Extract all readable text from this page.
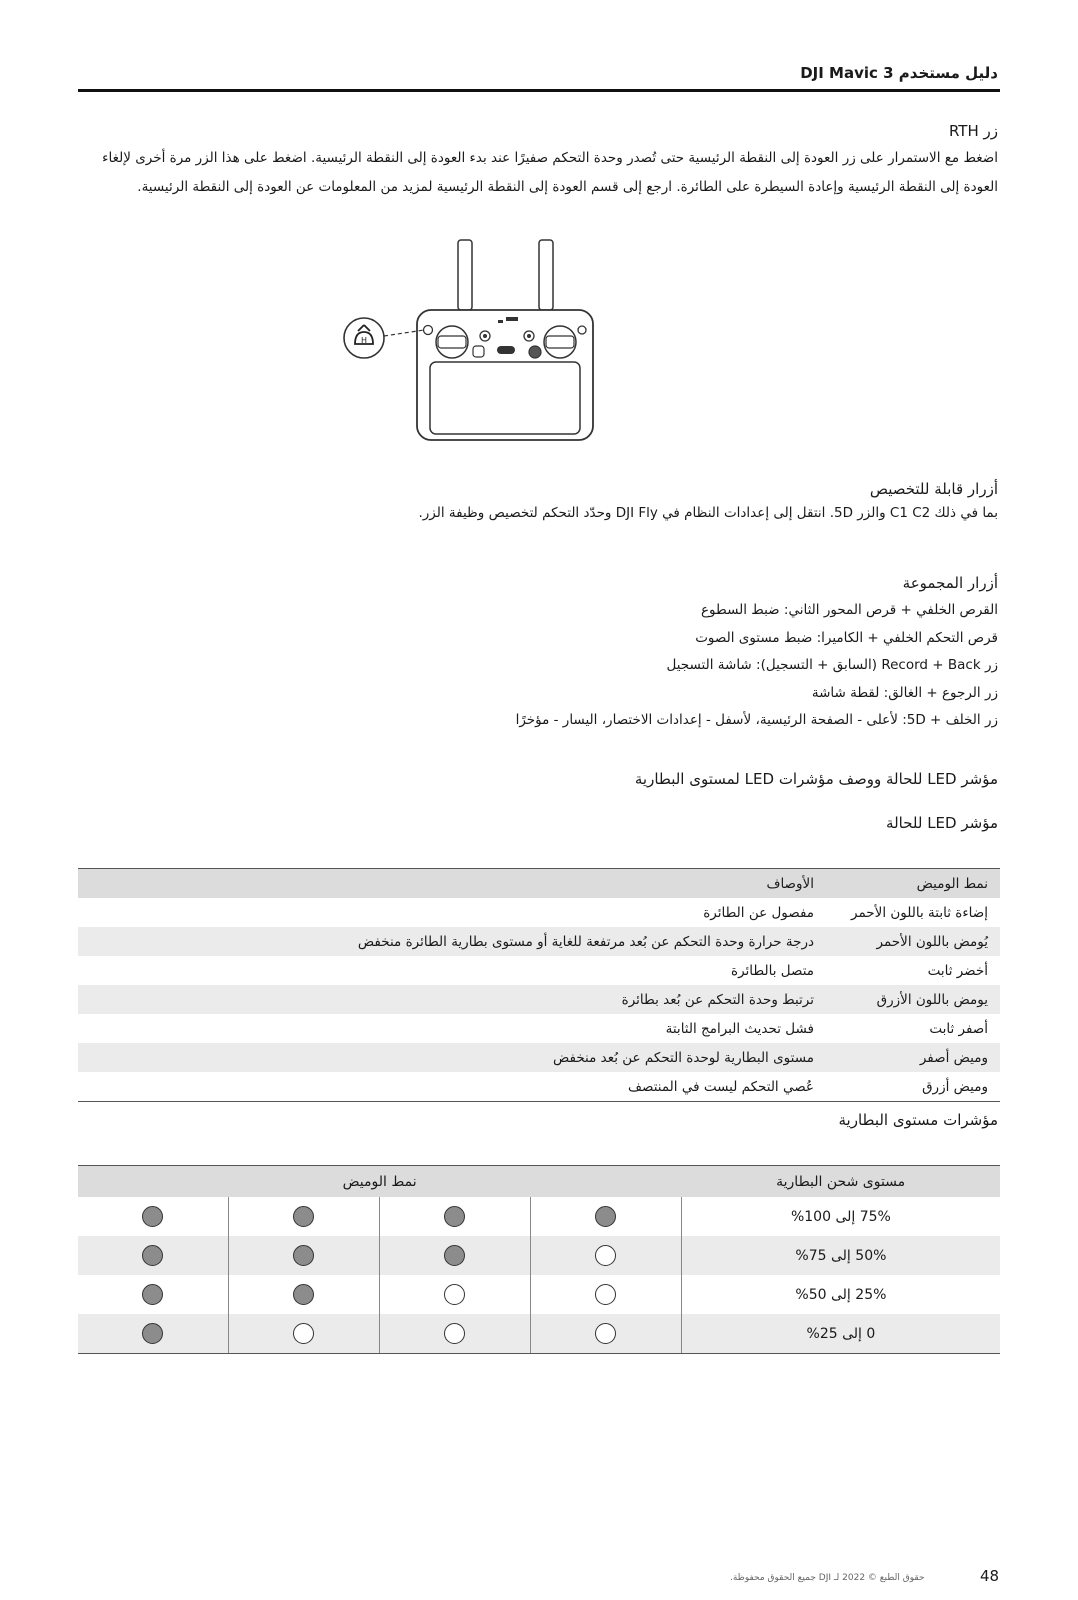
دليل مستخدم DJI Mavic 3
زر RTH
اضغط مع الاستمرار على زر العودة إلى النقطة الرئيسية حتى تُصدر وحدة التحكم صفيرًا عند بدء العودة إلى النقطة الرئيسية. اضغط على هذا الزر مرة أخرى لإلغاء العودة إلى النقطة الرئيسية وإعادة السيطرة على الطائرة. ارجع إلى قسم العودة إلى النقطة الرئيسية لمزيد من المعلومات عن العودة إلى النقطة الرئيسية.
H
أزرار قابلة للتخصيص
بما في ذلك C1 C2 والزر 5D. انتقل إلى إعدادات النظام في DJI Fly وحدّد التحكم لتخصيص وظيفة الزر.
أزرار المجموعة
القرص الخلفي + قرص المحور الثاني: ضبط السطوع
قرص التحكم الخلفي + الكاميرا: ضبط مستوى الصوت
زر Record + Back (السابق + التسجيل): شاشة التسجيل
زر الرجوع + الغالق: لقطة شاشة
زر الخلف + 5D: لأعلى - الصفحة الرئيسية، لأسفل - إعدادات الاختصار، اليسار - مؤخرًا
مؤشر LED للحالة ووصف مؤشرات LED لمستوى البطارية
مؤشر LED للحالة
نمط الوميض	الأوصاف
إضاءة ثابتة باللون الأحمر	مفصول عن الطائرة
يُومض باللون الأحمر	درجة حرارة وحدة التحكم عن بُعد مرتفعة للغاية أو مستوى بطارية الطائرة منخفض
أخضر ثابت	متصل بالطائرة
يومض باللون الأزرق	ترتبط وحدة التحكم عن بُعد بطائرة
أصفر ثابت	فشل تحديث البرامج الثابتة
وميض أصفر	مستوى البطارية لوحدة التحكم عن بُعد منخفض
وميض أزرق	عُصي التحكم ليست في المنتصف
مؤشرات مستوى البطارية
نمط الوميض				مستوى شحن البطارية
				75% إلى 100%
				50% إلى 75%
				25% إلى 50%
				0 إلى 25%
حقوق الطبع © 2022 لـ DJI جميع الحقوق محفوظة.	48
